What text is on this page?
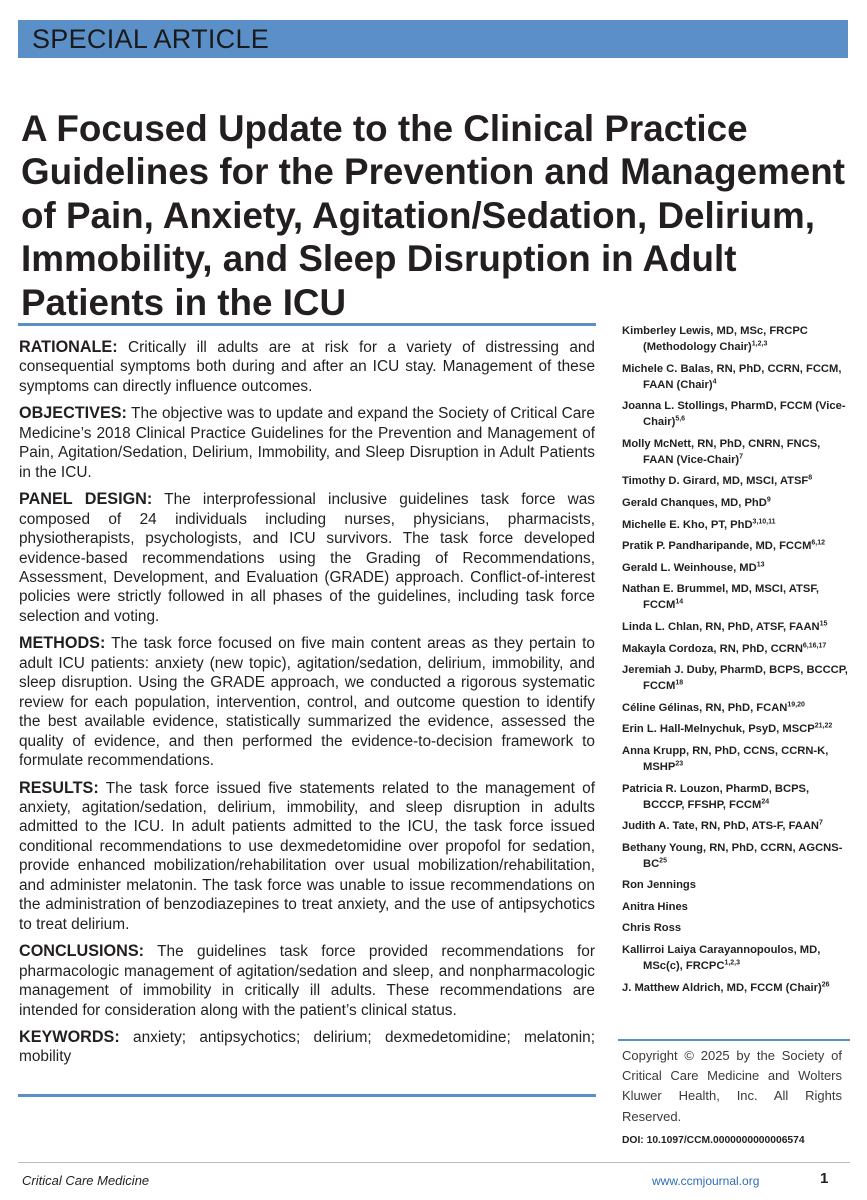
SPECIAL ARTICLE
A Focused Update to the Clinical Practice Guidelines for the Prevention and Management of Pain, Anxiety, Agitation/Sedation, Delirium, Immobility, and Sleep Disruption in Adult Patients in the ICU

RATIONALE: Critically ill adults are at risk for a variety of distressing and consequential symptoms both during and after an ICU stay. Management of these symptoms can directly influence outcomes.

OBJECTIVES: The objective was to update and expand the Society of Critical Care Medicine’s 2018 Clinical Practice Guidelines for the Prevention and Management of Pain, Agitation/Sedation, Delirium, Immobility, and Sleep Disruption in Adult Patients in the ICU.

PANEL DESIGN: The interprofessional inclusive guidelines task force was composed of 24 individuals including nurses, physicians, pharmacists, physiotherapists, psychologists, and ICU survivors. The task force developed evidence-based recommendations using the Grading of Recommendations, Assessment, Development, and Evaluation (GRADE) approach. Conflict-of-interest policies were strictly followed in all phases of the guidelines, including task force selection and voting.

METHODS: The task force focused on five main content areas as they pertain to adult ICU patients: anxiety (new topic), agitation/sedation, delirium, immobility, and sleep disruption. Using the GRADE approach, we conducted a rigorous systematic review for each population, intervention, control, and outcome question to identify the best available evidence, statistically summarized the evidence, assessed the quality of evidence, and then performed the evidence-to-decision framework to formulate recommendations.

RESULTS: The task force issued five statements related to the management of anxiety, agitation/sedation, delirium, immobility, and sleep disruption in adults admitted to the ICU. In adult patients admitted to the ICU, the task force issued conditional recommendations to use dexmedetomidine over propofol for sedation, provide enhanced mobilization/rehabilitation over usual mobilization/rehabilitation, and administer melatonin. The task force was unable to issue recommendations on the administration of benzodiazepines to treat anxiety, and the use of antipsychotics to treat delirium.

CONCLUSIONS: The guidelines task force provided recommendations for pharmacologic management of agitation/sedation and sleep, and nonpharmacologic management of immobility in critically ill adults. These recommendations are intended for consideration along with the patient’s clinical status.

KEYWORDS: anxiety; antipsychotics; delirium; dexmedetomidine; melatonin; mobility

Kimberley Lewis, MD, MSc, FRCPC (Methodology Chair)$^{1,2,3}$
Michele C. Balas, RN, PhD, CCRN, FCCM, FAAN (Chair)$^4$
Joanna L. Stollings, PharmD, FCCM (Vice-Chair)$^{5,6}$
Molly McNett, RN, PhD, CNRN, FNCS, FAAN (Vice-Chair)$^7$
Timothy D. Girard, MD, MSCI, ATSF$^8$
Gerald Chanques, MD, PhD$^9$
Michelle E. Kho, PT, PhD$^{3,10,11}$
Pratik P. Pandharipande, MD, FCCM$^{6,12}$
Gerald L. Weinhouse, MD$^{13}$
Nathan E. Brummel, MD, MSCI, ATSF, FCCM$^{14}$
Linda L. Chlan, RN, PhD, ATSF, FAAN$^{15}$
Makayla Cordoza, RN, PhD, CCRN$^{6,16,17}$
Jeremiah J. Duby, PharmD, BCPS, BCCCP, FCCM$^{18}$
Céline Gélinas, RN, PhD, FCAN$^{19,20}$
Erin L. Hall-Melnychuk, PsyD, MSCP$^{21,22}$
Anna Krupp, RN, PhD, CCNS, CCRN-K, MSHP$^{23}$
Patricia R. Louzon, PharmD, BCPS, BCCCP, FFSHP, FCCM$^{24}$
Judith A. Tate, RN, PhD, ATS-F, FAAN$^7$
Bethany Young, RN, PhD, CCRN, AGCNS-BC$^{25}$
Ron Jennings
Anitra Hines
Chris Ross
Kallirroi Laiya Carayannopoulos, MD, MSc(c), FRCPC$^{1,2,3}$
J. Matthew Aldrich, MD, FCCM (Chair)$^{26}$

Copyright © 2025 by the Society of Critical Care Medicine and Wolters Kluwer Health, Inc. All Rights Reserved.

DOI: 10.1097/CCM.0000000000006574

Critical Care Medicine	www.ccmjournal.org	1
